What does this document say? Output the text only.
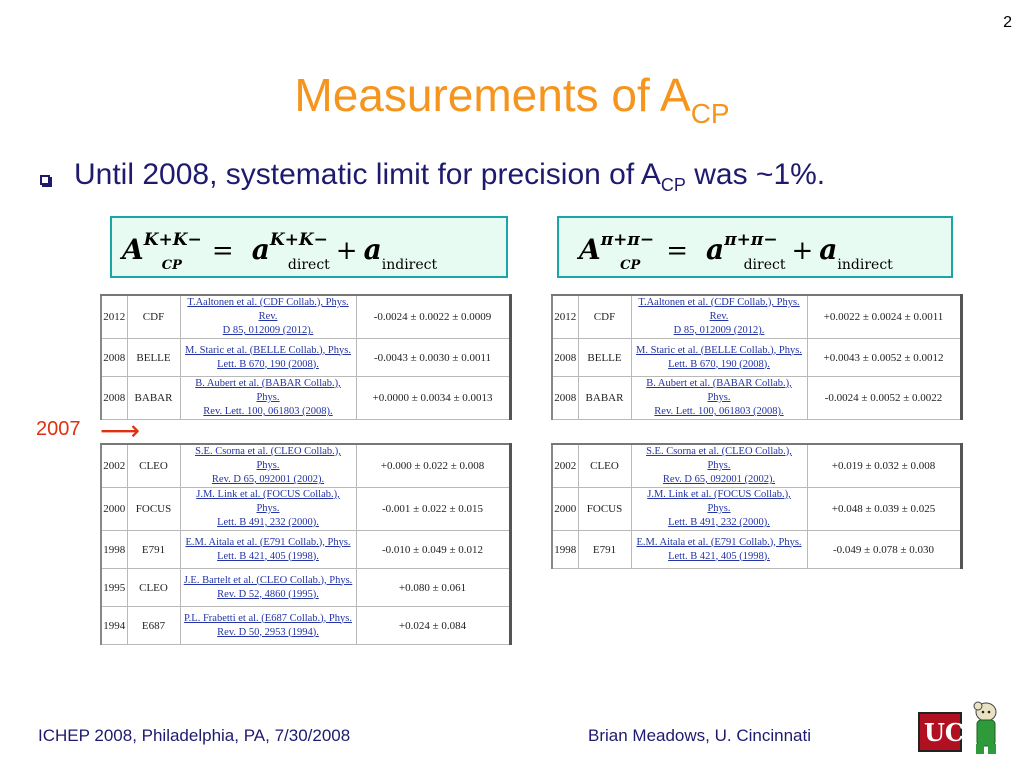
2
Measurements of $A_{CP}$
Until 2008, systematic limit for precision of $A_{CP}$ was ~1%.
$A^{K+K-}_{CP} = a^{K+K-}_{direct} + a_{indirect}$	$A^{\pi+\pi-}_{CP} = a^{\pi+\pi-}_{direct} + a_{indirect}$
2012	CDF	T.Aaltonen et al. (CDF Collab.), Phys. Rev.
D 85, 012009 (2012).	-0.0024 ± 0.0022 ± 0.0009
2008	BELLE	M. Staric et al. (BELLE Collab.), Phys.
Lett. B 670, 190 (2008).	-0.0043 ± 0.0030 ± 0.0011
2008	BABAR	B. Aubert et al. (BABAR Collab.), Phys.
Rev. Lett. 100, 061803 (2008).	+0.0000 ± 0.0034 ± 0.0013
2012	CDF	T.Aaltonen et al. (CDF Collab.), Phys. Rev.
D 85, 012009 (2012).	+0.0022 ± 0.0024 ± 0.0011
2008	BELLE	M. Staric et al. (BELLE Collab.), Phys.
Lett. B 670, 190 (2008).	+0.0043 ± 0.0052 ± 0.0012
2008	BABAR	B. Aubert et al. (BABAR Collab.), Phys.
Rev. Lett. 100, 061803 (2008).	-0.0024 ± 0.0052 ± 0.0022
2002	CLEO	S.E. Csorna et al. (CLEO Collab.), Phys.
Rev. D 65, 092001 (2002).	+0.000 ± 0.022 ± 0.008
2000	FOCUS	J.M. Link et al. (FOCUS Collab.), Phys.
Lett. B 491, 232 (2000).	-0.001 ± 0.022 ± 0.015
1998	E791	E.M. Aitala et al. (E791 Collab.), Phys.
Lett. B 421, 405 (1998).	-0.010 ± 0.049 ± 0.012
1995	CLEO	J.E. Bartelt et al. (CLEO Collab.), Phys.
Rev. D 52, 4860 (1995).	+0.080 ± 0.061
1994	E687	P.L. Frabetti et al. (E687 Collab.), Phys.
Rev. D 50, 2953 (1994).	+0.024 ± 0.084
2002	CLEO	S.E. Csorna et al. (CLEO Collab.), Phys.
Rev. D 65, 092001 (2002).	+0.019 ± 0.032 ± 0.008
2000	FOCUS	J.M. Link et al. (FOCUS Collab.), Phys.
Lett. B 491, 232 (2000).	+0.048 ± 0.039 ± 0.025
1998	E791	E.M. Aitala et al. (E791 Collab.), Phys.
Lett. B 421, 405 (1998).	-0.049 ± 0.078 ± 0.030
2007 ⟶
ICHEP 2008, Philadelphia, PA, 7/30/2008	Brian Meadows, U. Cincinnati	UC
